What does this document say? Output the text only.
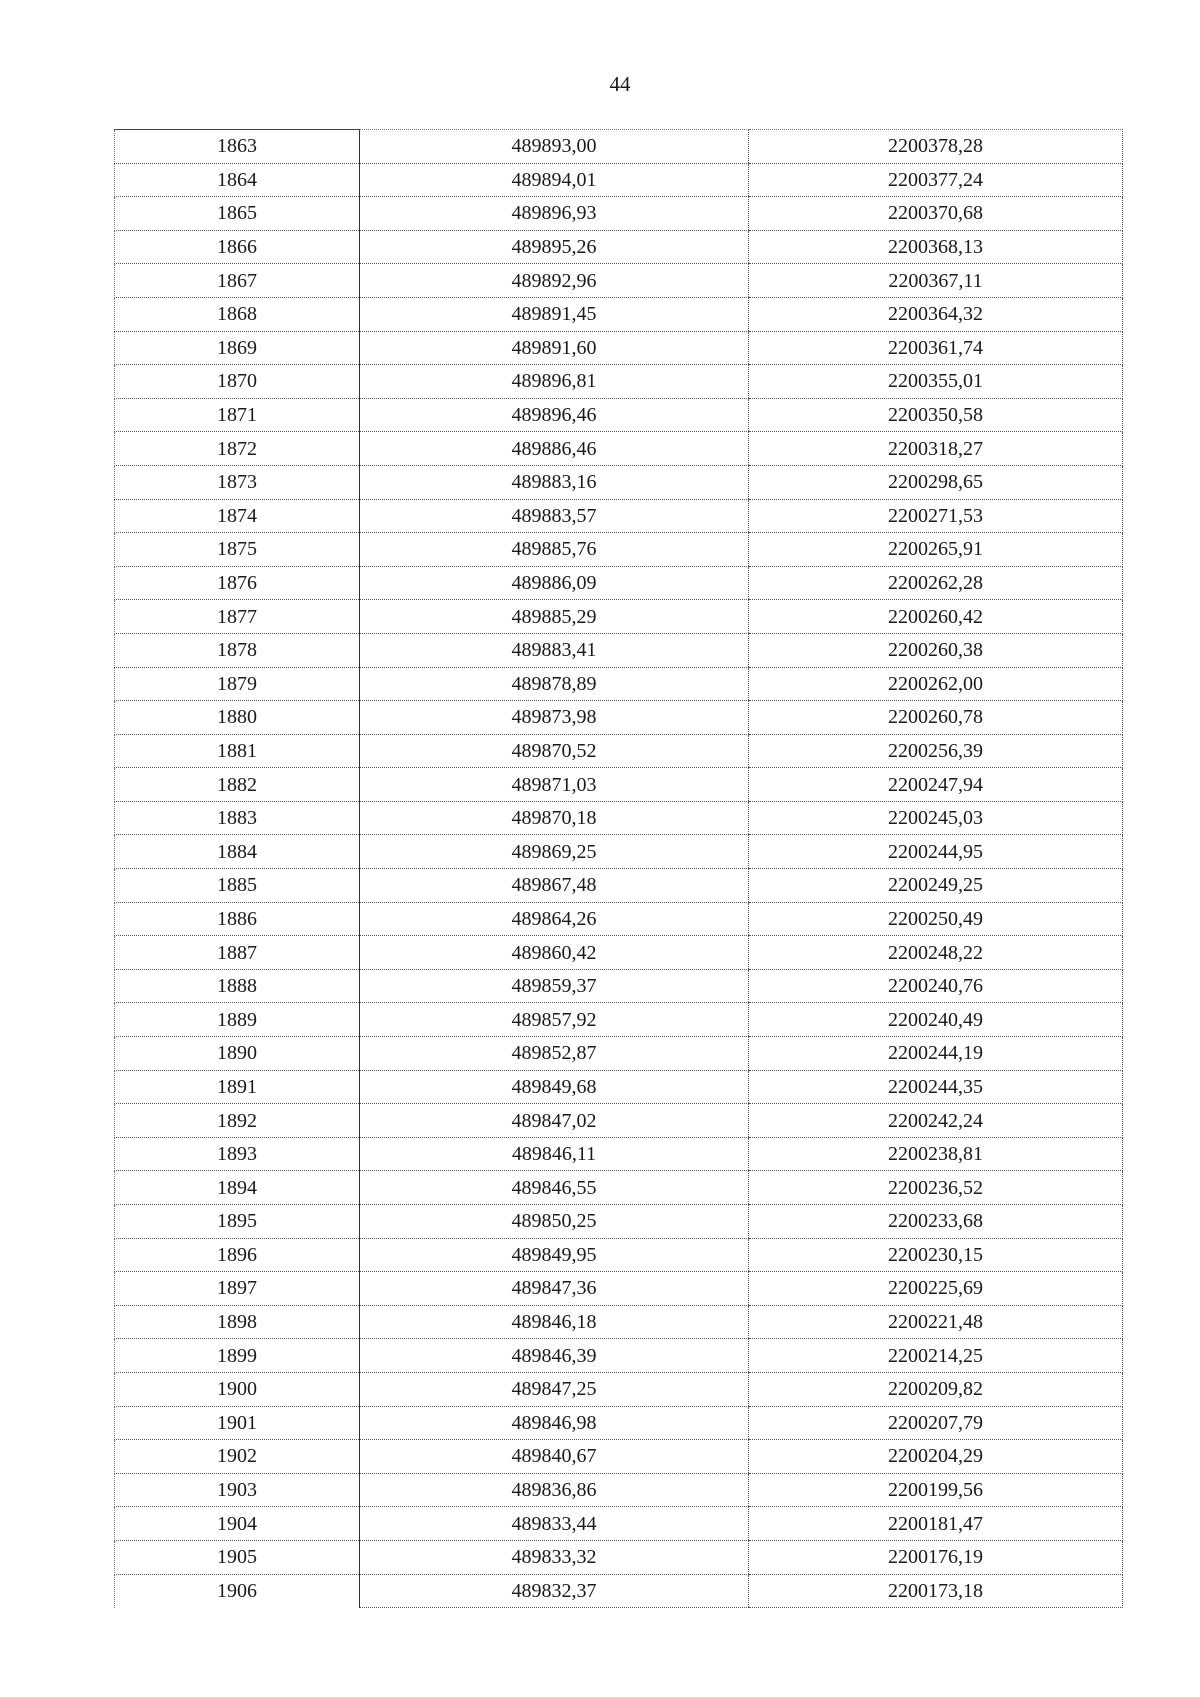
44
1863	489893,00	2200378,28
1864	489894,01	2200377,24
1865	489896,93	2200370,68
1866	489895,26	2200368,13
1867	489892,96	2200367,11
1868	489891,45	2200364,32
1869	489891,60	2200361,74
1870	489896,81	2200355,01
1871	489896,46	2200350,58
1872	489886,46	2200318,27
1873	489883,16	2200298,65
1874	489883,57	2200271,53
1875	489885,76	2200265,91
1876	489886,09	2200262,28
1877	489885,29	2200260,42
1878	489883,41	2200260,38
1879	489878,89	2200262,00
1880	489873,98	2200260,78
1881	489870,52	2200256,39
1882	489871,03	2200247,94
1883	489870,18	2200245,03
1884	489869,25	2200244,95
1885	489867,48	2200249,25
1886	489864,26	2200250,49
1887	489860,42	2200248,22
1888	489859,37	2200240,76
1889	489857,92	2200240,49
1890	489852,87	2200244,19
1891	489849,68	2200244,35
1892	489847,02	2200242,24
1893	489846,11	2200238,81
1894	489846,55	2200236,52
1895	489850,25	2200233,68
1896	489849,95	2200230,15
1897	489847,36	2200225,69
1898	489846,18	2200221,48
1899	489846,39	2200214,25
1900	489847,25	2200209,82
1901	489846,98	2200207,79
1902	489840,67	2200204,29
1903	489836,86	2200199,56
1904	489833,44	2200181,47
1905	489833,32	2200176,19
1906	489832,37	2200173,18
